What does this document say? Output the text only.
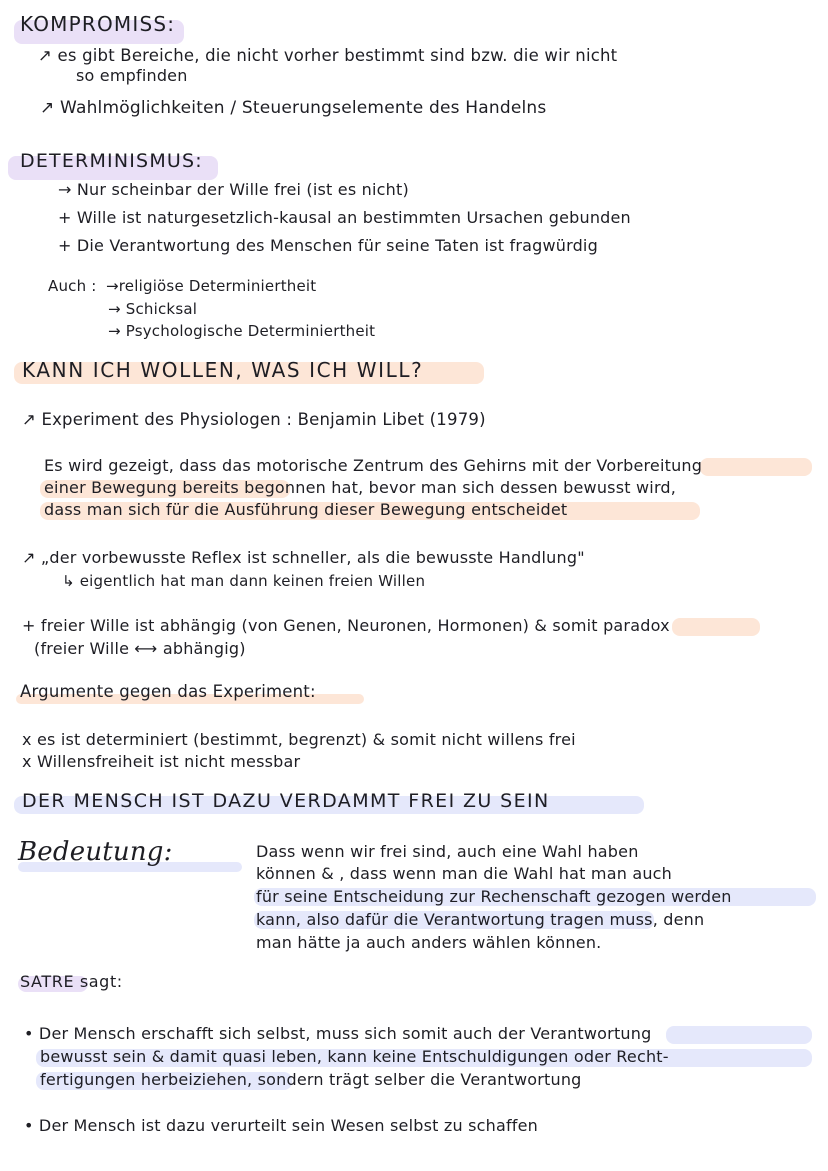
KOMPROMISS:
↗ es gibt Bereiche, die nicht vorher bestimmt sind bzw. die wir nicht
so empfinden
↗ Wahlmöglichkeiten / Steuerungselemente des Handelns
DETERMINISMUS:
→ Nur scheinbar der Wille frei (ist es nicht)
+ Wille ist naturgesetzlich-kausal an bestimmten Ursachen gebunden
+ Die Verantwortung des Menschen für seine Taten ist fragwürdig
Auch : →religiöse Determiniertheit
→ Schicksal
→ Psychologische Determiniertheit
KANN ICH WOLLEN, WAS ICH WILL?
↗ Experiment des Physiologen : Benjamin Libet (1979)
Es wird gezeigt, dass das motorische Zentrum des Gehirns mit der Vorbereitung
einer Bewegung bereits begonnen hat, bevor man sich dessen bewusst wird,
dass man sich für die Ausführung dieser Bewegung entscheidet
↗ „der vorbewusste Reflex ist schneller, als die bewusste Handlung"
↳ eigentlich hat man dann keinen freien Willen
+ freier Wille ist abhängig (von Genen, Neuronen, Hormonen) & somit paradox
(freier Wille ⟷ abhängig)
Argumente gegen das Experiment:
x es ist determiniert (bestimmt, begrenzt) & somit nicht willens frei
x Willensfreiheit ist nicht messbar
DER MENSCH IST DAZU VERDAMMT FREI ZU SEIN
Bedeutung:	Dass wenn wir frei sind, auch eine Wahl haben
können & , dass wenn man die Wahl hat man auch
für seine Entscheidung zur Rechenschaft gezogen werden
kann, also dafür die Verantwortung tragen muss, denn
man hätte ja auch anders wählen können.
SATRE sagt:
• Der Mensch erschafft sich selbst, muss sich somit auch der Verantwortung
bewusst sein & damit quasi leben, kann keine Entschuldigungen oder Recht-
fertigungen herbeiziehen, sondern trägt selber die Verantwortung
• Der Mensch ist dazu verurteilt sein Wesen selbst zu schaffen
